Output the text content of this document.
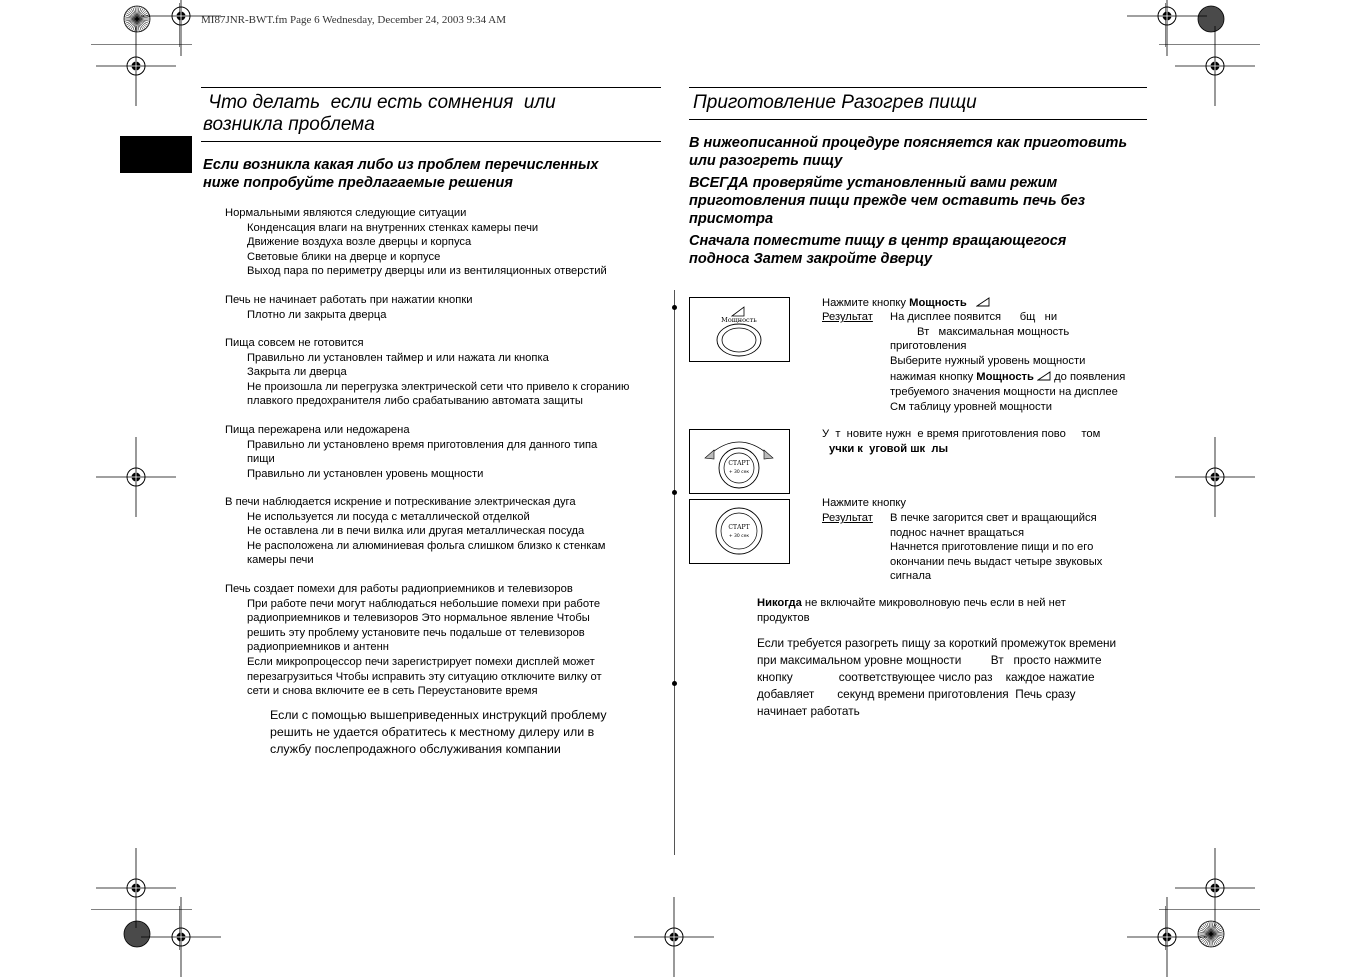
MI87JNR-BWT.fm Page 6 Wednesday, December 24, 2003 9:34 AM
Что делать  если есть сомнения  или
возникла проблема
Если возникла какая либо из проблем перечисленных
ниже попробуйте предлагаемые решения
Нормальными являются следующие ситуации
Конденсация влаги на внутренних стенках камеры печи
Движение воздуха возле дверцы и корпуса
Световые блики на дверце и корпусе
Выход пара по периметру дверцы или из вентиляционных отверстий
Печь не начинает работать при нажатии кнопки
Плотно ли закрыта дверца
Пища совсем не готовится
Правильно ли установлен таймер и или нажата ли кнопка
Закрыта ли дверца
Не произошла ли перегрузка электрической сети что привело к сгоранию
плавкого предохранителя либо срабатыванию автомата защиты
Пища пережарена или недожарена
Правильно ли установлено время приготовления для данного типа
пищи
Правильно ли установлен уровень мощности
В печи наблюдается искрение и потрескивание электрическая дуга
Не используется ли посуда с металлической отделкой
Не оставлена ли в печи вилка или другая металлическая посуда
Не расположена ли алюминиевая фольга слишком близко к стенкам
камеры печи
Печь создает помехи для работы радиоприемников и телевизоров
При работе печи могут наблюдаться небольшие помехи при работе
радиоприемников и телевизоров Это нормальное явление Чтобы
решить эту проблему установите печь подальше от телевизоров
радиоприемников и антенн
Если микропроцессор печи зарегистрирует помехи дисплей может
перезагрузиться Чтобы исправить эту ситуацию отключите вилку от
сети и снова включите ее в сеть Переустановите время
Если с помощью вышеприведенных инструкций проблему
решить не удается обратитесь к местному дилеру или в
службу послепродажного обслуживания компании
Приготовление Разогрев пищи
В нижеописанной процедуре поясняется как приготовить
или разогреть пищу
ВСЕГДА проверяйте установленный вами режим
приготовления пищи прежде чем оставить печь без
присмотра
Сначала поместите пищу в центр вращающегося
подноса Затем закройте дверцу
Мощность
СТАРТ
+ 30 сек
СТАРТ
+ 30 сек
Нажмите кнопку Мощность
Результат На дисплее появится      бщ   ни
Вт   максимальная мощность
приготовления
Выберите нужный уровень мощности
нажимая кнопку Мощность  до появления
требуемого значения мощности на дисплее
См таблицу уровней мощности
У  т  новите нужн  е время приготовления пово     том
учки к  уговой шк  лы
Нажмите кнопку
Результат В печке загорится свет и вращающийся
поднос начнет вращаться
Начнется приготовление пищи и по его
окончании печь выдаст четыре звуковых
сигнала
Никогда не включайте микроволновую печь если в ней нет
продуктов
Если требуется разогреть пищу за короткий промежуток времени
при максимальном уровне мощности         Вт   просто нажмите
кнопку              соответствующее число раз    каждое нажатие
добавляет       секунд времени приготовления  Печь сразу
начинает работать
